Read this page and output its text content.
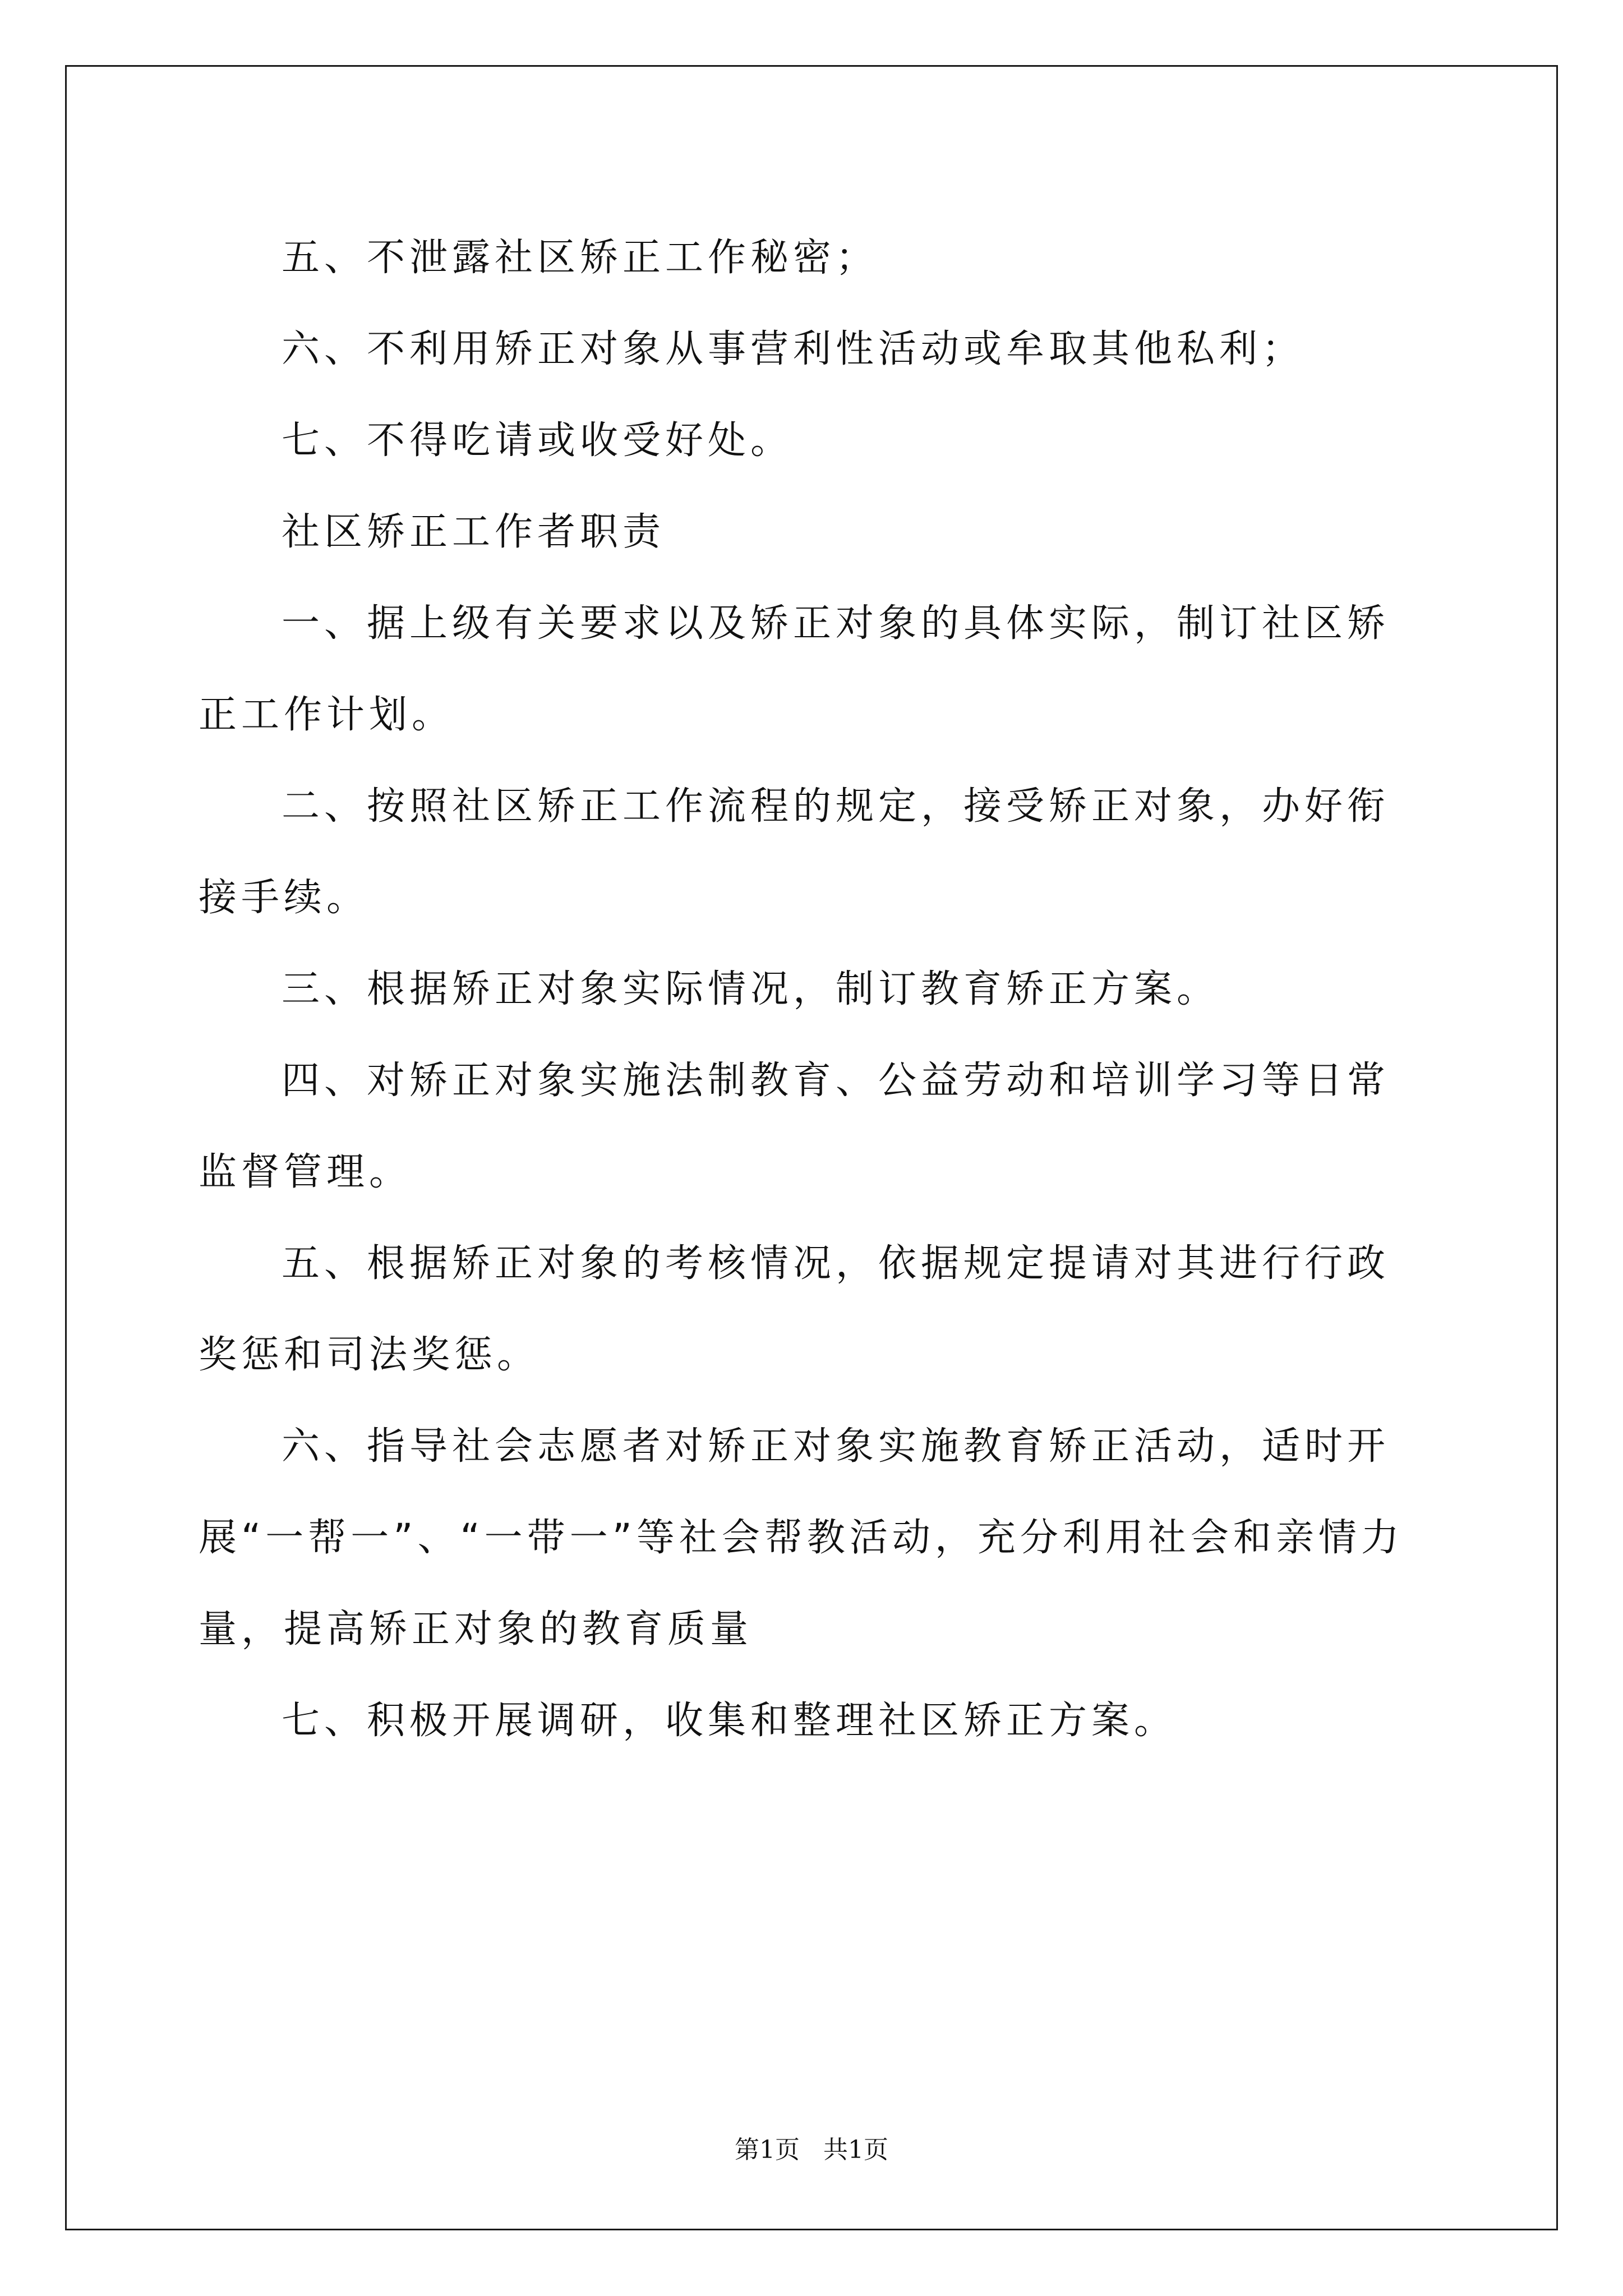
五、不泄露社区矫正工作秘密；

六、不利用矫正对象从事营利性活动或牟取其他私利；

七、不得吃请或收受好处。

社区矫正工作者职责

一、据上级有关要求以及矫正对象的具体实际，制订社区矫正工作计划。

二、按照社区矫正工作流程的规定，接受矫正对象，办好衔接手续。

三、根据矫正对象实际情况，制订教育矫正方案。

四、对矫正对象实施法制教育、公益劳动和培训学习等日常监督管理。

五、根据矫正对象的考核情况，依据规定提请对其进行行政奖惩和司法奖惩。

六、指导社会志愿者对矫正对象实施教育矫正活动，适时开展“一帮一”、“一带一”等社会帮教活动，充分利用社会和亲情力量，提高矫正对象的教育质量

七、积极开展调研，收集和整理社区矫正方案。

第1页 共1页
